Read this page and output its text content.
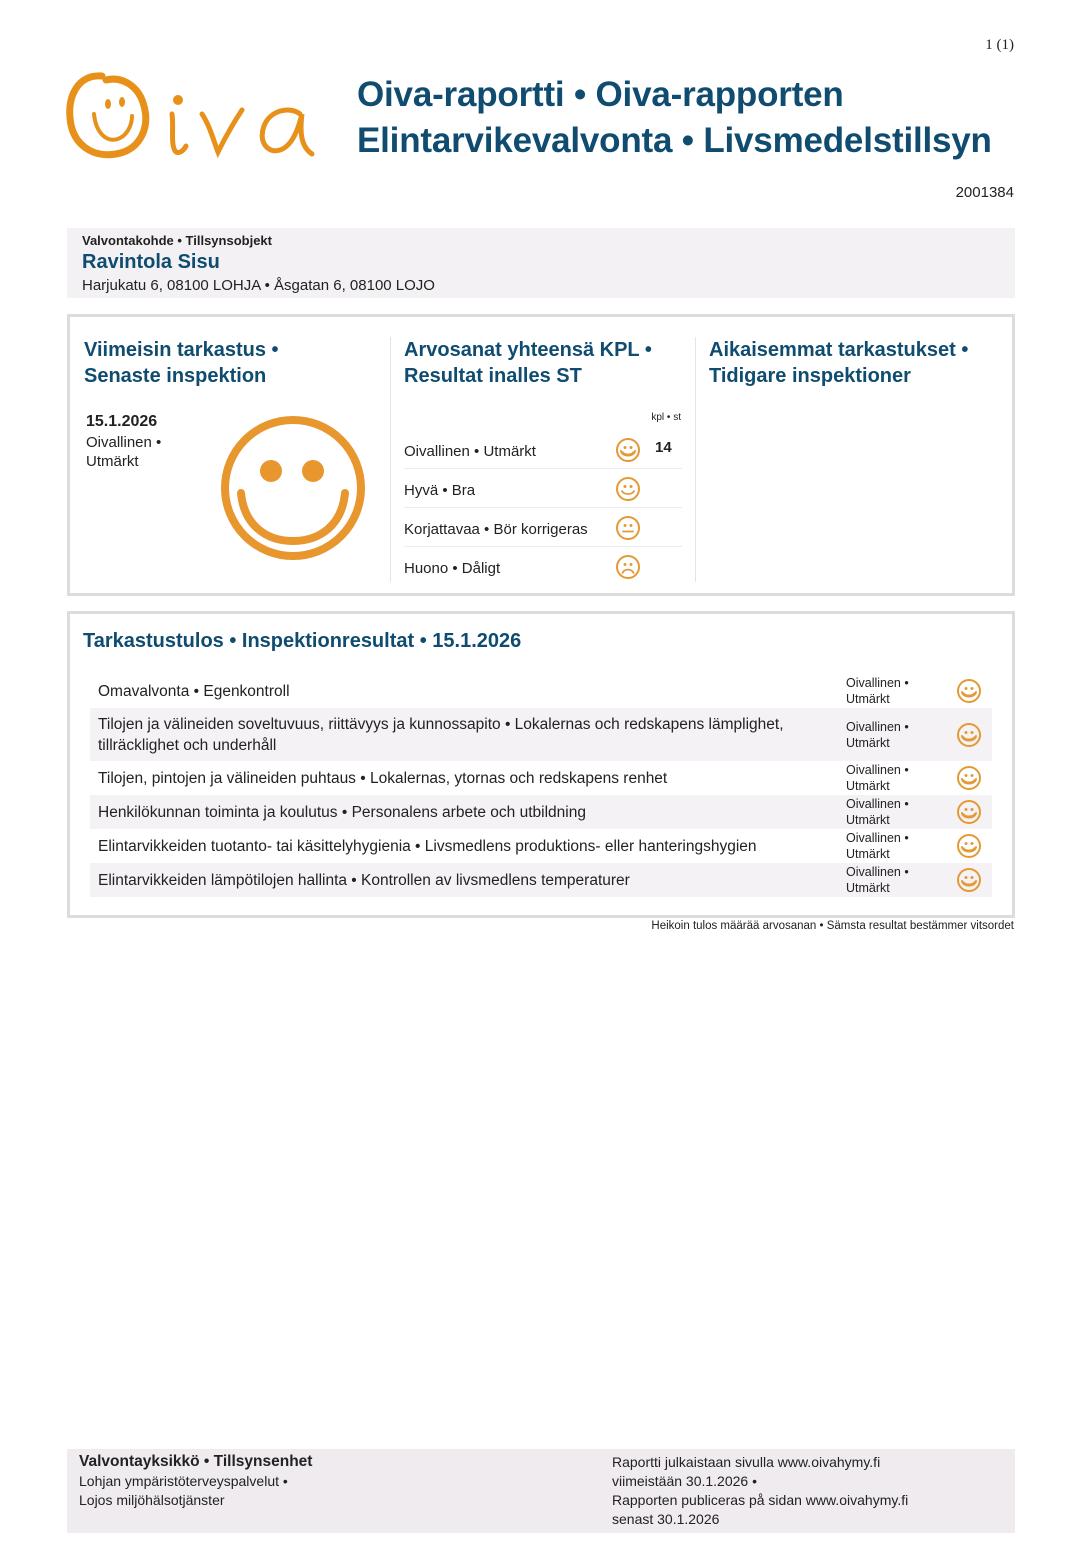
1 (1)
Oiva-raportti • Oiva-rapporten
Elintarvikevalvonta • Livsmedelstillsyn
2001384
Valvontakohde • Tillsynsobjekt
Ravintola Sisu
Harjukatu 6, 08100 LOHJA • Åsgatan 6, 08100 LOJO
Viimeisin tarkastus •
Senaste inspektion
15.1.2026
Oivallinen •
Utmärkt
Arvosanat yhteensä KPL •
Resultat inalles ST
kpl • st
Oivallinen • Utmärkt	14
Hyvä • Bra
Korjattavaa • Bör korrigeras
Huono • Dåligt
Aikaisemmat tarkastukset •
Tidigare inspektioner
Tarkastustulos • Inspektionresultat • 15.1.2026
Omavalvonta • Egenkontroll	Oivallinen •
Utmärkt
Tilojen ja välineiden soveltuvuus, riittävyys ja kunnossapito • Lokalernas och redskapens lämplighet, tillräcklighet och underhåll
Oivallinen •
Utmärkt
Tilojen, pintojen ja välineiden puhtaus • Lokalernas, ytornas och redskapens renhet	Oivallinen •
Utmärkt
Henkilökunnan toiminta ja koulutus • Personalens arbete och utbildning	Oivallinen •
Utmärkt
Elintarvikkeiden tuotanto- tai käsittelyhygienia • Livsmedlens produktions- eller hanteringshygien	Oivallinen •
Utmärkt
Elintarvikkeiden lämpötilojen hallinta • Kontrollen av livsmedlens temperaturer	Oivallinen •
Utmärkt
Heikoin tulos määrää arvosanan • Sämsta resultat bestämmer vitsordet
Valvontayksikkö • Tillsynsenhet
Lohjan ympäristöterveyspalvelut •
Lojos miljöhälsotjänster
Raportti julkaistaan sivulla www.oivahymy.fi
viimeistään 30.1.2026 •
Rapporten publiceras på sidan www.oivahymy.fi
senast 30.1.2026
